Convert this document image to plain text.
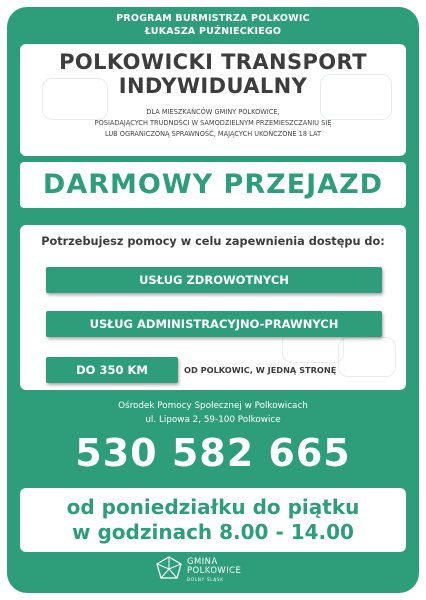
PROGRAM BURMISTRZA POLKOWIC
ŁUKASZA PUŹNIECKIEGO
POLKOWICKI TRANSPORT
INDYWIDUALNY
DLA MIESZKAŃCÓW GMINY POLKOWICE,
POSIADAJĄCYCH TRUDNOŚCI W SAMODZIELNYM PRZEMIESZCZANIU SIĘ
LUB OGRANICZONĄ SPRAWNOŚĆ, MAJĄCYCH UKOŃCZONE 18 LAT
DARMOWY PRZEJAZD
Potrzebujesz pomocy w celu zapewnienia dostępu do:
USŁUG ZDROWOTNYCH
USŁUG ADMINISTRACYJNO-PRAWNYCH
DO 350 KM	OD POLKOWIC, W JEDNĄ STRONĘ
Ośrodek Pomocy Społecznej w Polkowicach
ul. Lipowa 2, 59-100 Polkowice
530 582 665
od poniedziałku do piątku
w godzinach 8.00 - 14.00
GMINA
POLKOWICE
DOLNY ŚLĄSK
